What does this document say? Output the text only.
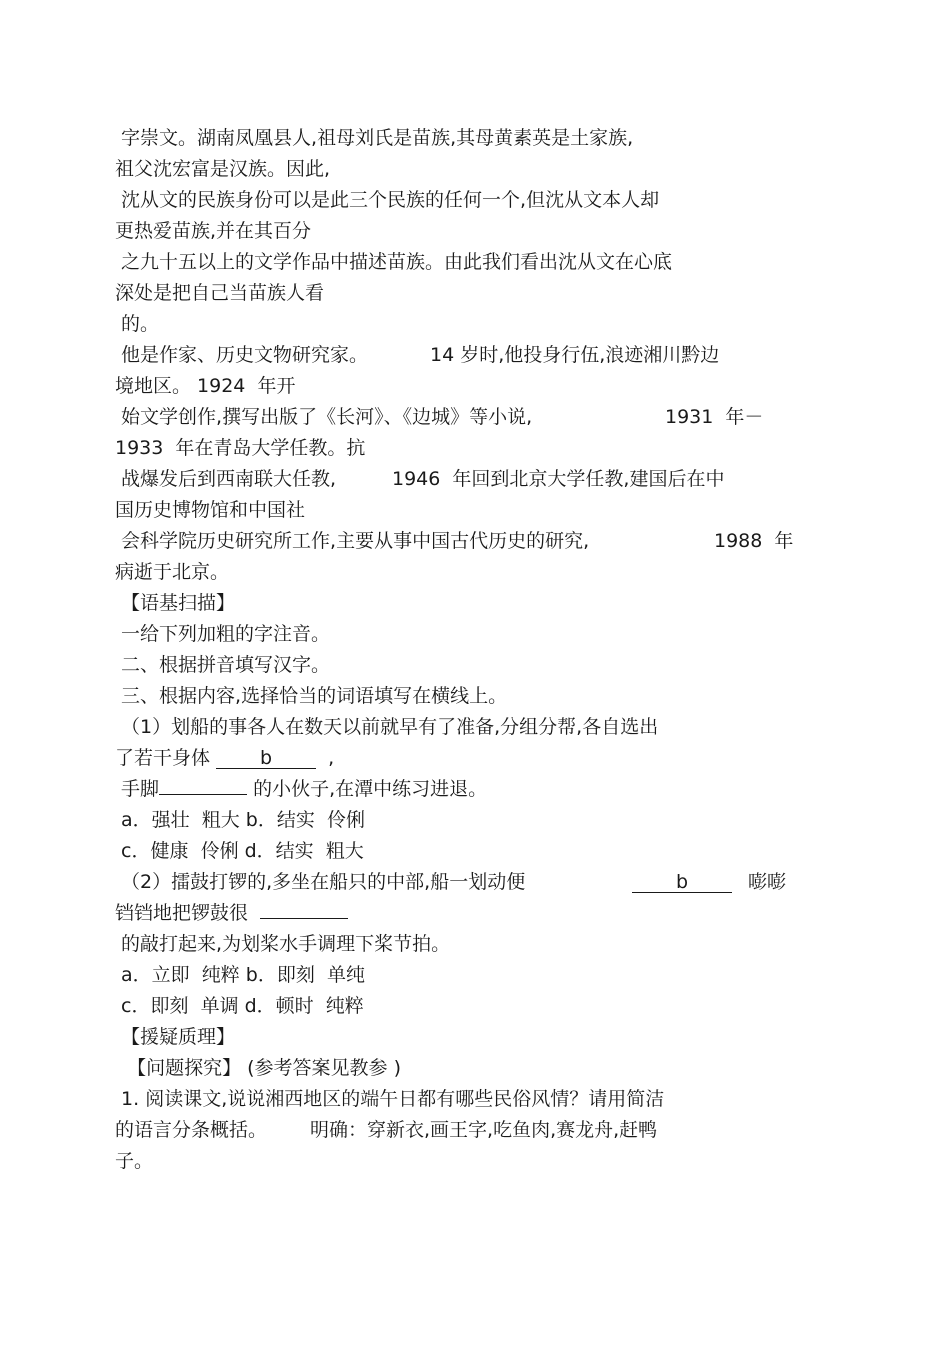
字崇文。湖南凤凰县人,祖母刘氏是苗族,其母黄素英是土家族,
祖父沈宏富是汉族。因此,
沈从文的民族身份可以是此三个民族的任何一个,但沈从文本人却
更热爱苗族,并在其百分
之九十五以上的文学作品中描述苗族。由此我们看出沈从文在心底
深处是把自己当苗族人看
的。
他是作家、历史文物研究家。	14 岁时,他投身行伍,浪迹湘川黔边
境地区。 1924  年开
始文学创作,撰写出版了《长河》、《边城》等小说,	1931  年－
1933  年在青岛大学任教。抗
战爆发后到西南联大任教,	1946  年回到北京大学任教,建国后在中
国历史博物馆和中国社
会科学院历史研究所工作,主要从事中国古代历史的研究,	1988  年
病逝于北京。
【语基扫描】
一给下列加粗的字注音。
二、根据拼音填写汉字。
三、根据内容,选择恰当的词语填写在横线上。
（1）划船的事各人在数天以前就早有了准备,分组分帮,各自选出
了若干身体 b  ,
手脚	的小伙子,在潭中练习进退。
a．强壮  粗大 b．结实  伶俐
c．健康  伶俐 d．结实  粗大
（2）擂鼓打锣的,多坐在船只的中部,船一划动便	b	嘭嘭
铛铛地把锣鼓很
的敲打起来,为划桨水手调理下桨节拍。
a．立即  纯粹 b．即刻  单纯
c．即刻  单调 d．顿时  纯粹
【援疑质理】
【问题探究】 (参考答案见教参 )
1. 阅读课文,说说湘西地区的端午日都有哪些民俗风情？请用简洁
的语言分条概括。 明确：穿新衣,画王字,吃鱼肉,赛龙舟,赶鸭
子。
